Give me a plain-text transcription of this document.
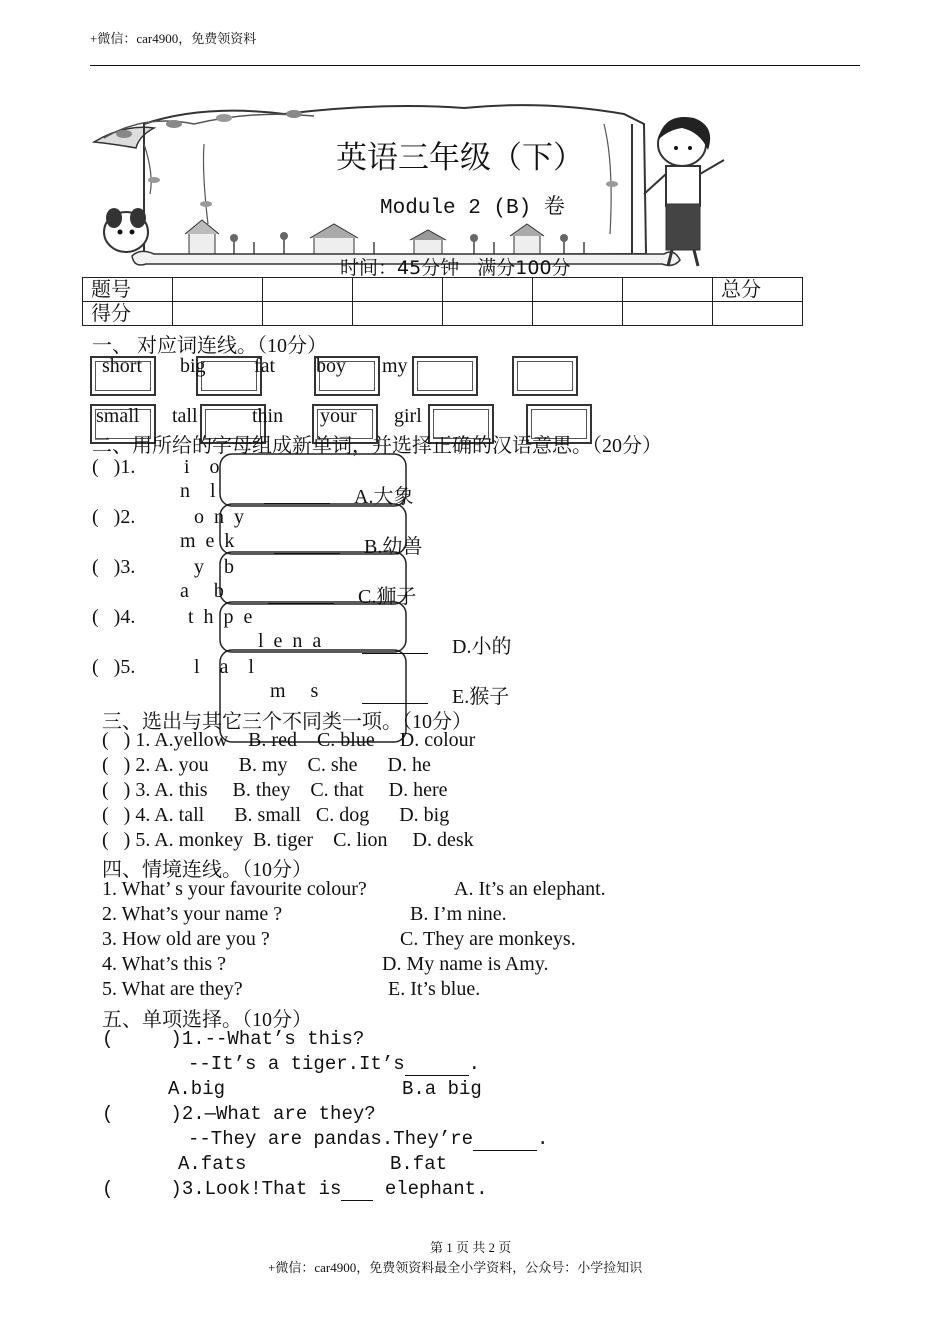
+微信：car4900，免费领资料
英语三年级（下）
Module 2 (B) 卷
时间：45分钟   满分100分
题号							总分
得分							
一、 对应词连线。（10分）
short big fat boy my
small tall	thin your girl
二、用所给的字母组成新单词，并选择正确的汉语意思。（20分）
(   )1. i    o
n    l
	A.大象
(   )2.	o  n  y
m  e  k
	B.幼兽
(   )3.	y    b
a     b
	C.狮子
(   )4.	t  h  p  e
l  e  n  a
	D.小的
(   )5.	l    a    l
m     s
	E.猴子
三、选出与其它三个不同类一项。（10分）
(   ) 1. A.yellow    B. red    C. blue     D. colour
(   ) 2. A. you      B. my    C. she      D. he
(   ) 3. A. this     B. they    C. that     D. here
(   ) 4. A. tall      B. small   C. dog      D. big
(   ) 5. A. monkey  B. tiger    C. lion     D. desk
四、情境连线。（10分）
1. What’ s your favourite colour?
2. What’s your name ?
3. How old are you ?
4. What’s this ?
5. What are they?
A. It’s an elephant.
B. I’m nine.
C. They are monkeys.
D. My name is Amy.
E. It’s blue.
五、单项选择。（10分）
(     )1.--What’s this?
--It’s a tiger.It’s	.
A.big	B.a big
(     )2.—What are they?
--They are pandas.They’re	.
A.fats	B.fat
(     )3.Look!That is  elephant.
第 1 页 共 2 页
+微信：car4900，免费领资料最全小学资料，公众号：小学捡知识
